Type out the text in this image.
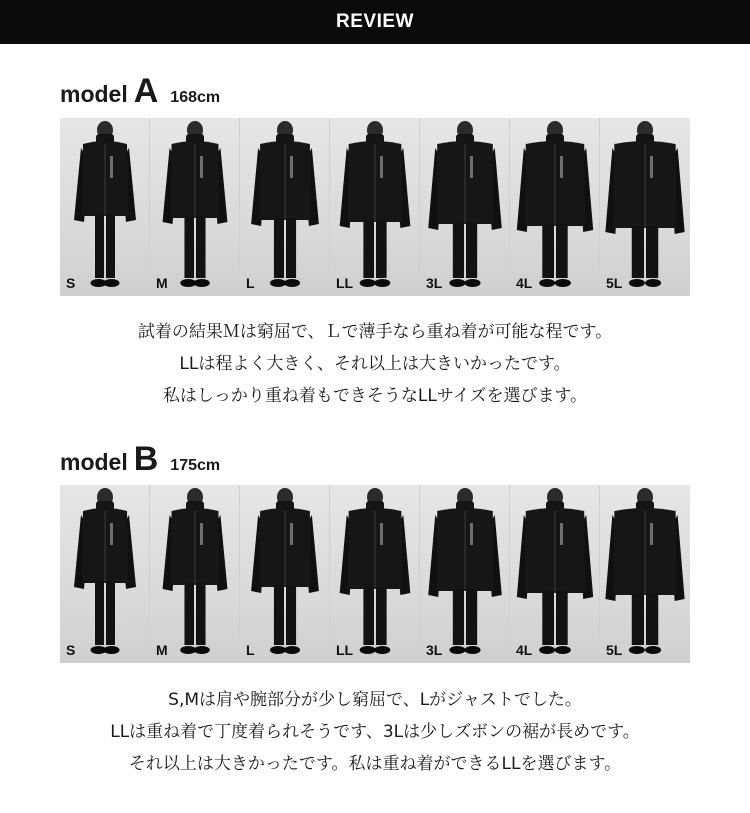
REVIEW
model A 168cm
S	M	L	LL	3L	4L	5L
試着の結果Ｍは窮屈で、Ｌで薄手なら重ね着が可能な程です。
LLは程よく大きく、それ以上は大きいかったです。
私はしっかり重ね着もできそうなLLサイズを選びます。
model B 175cm
S	M	L	LL	3L	4L	5L
S,Mは肩や腕部分が少し窮屈で、Lがジャストでした。
LLは重ね着で丁度着られそうです、3Lは少しズボンの裾が長めです。
それ以上は大きかったです。私は重ね着ができるLLを選びます。
